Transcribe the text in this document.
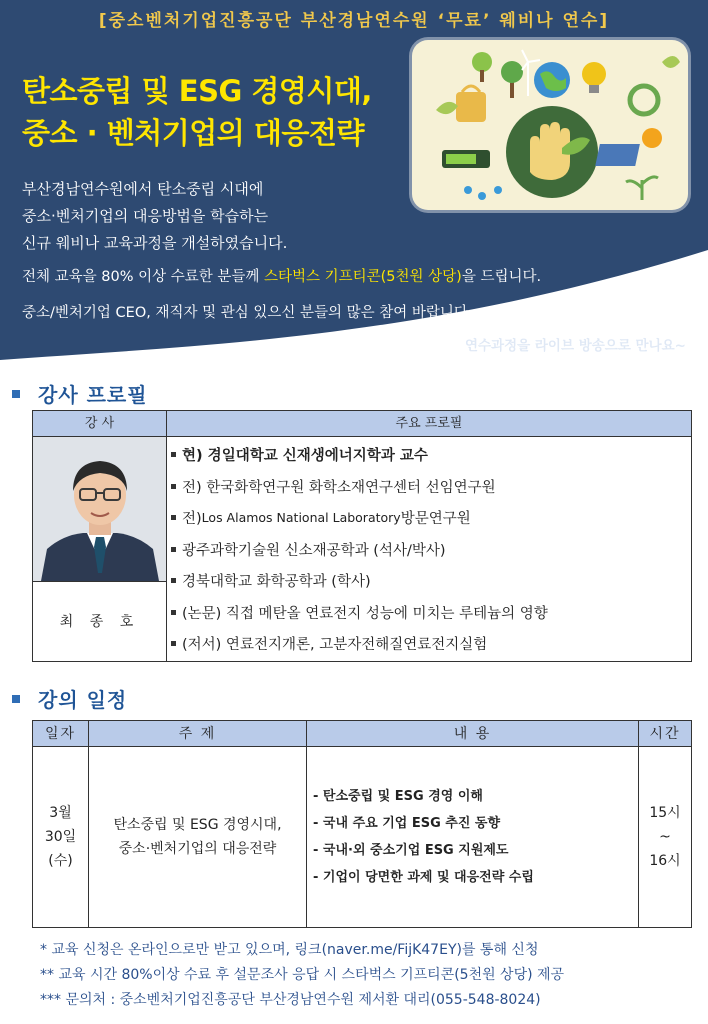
[중소벤처기업진흥공단 부산경남연수원 ‘무료’ 웨비나 연수]
탄소중립 및 ESG 경영시대,
중소 · 벤처기업의 대응전략
부산경남연수원에서 탄소중립 시대에
중소·벤처기업의 대응방법을 학습하는
신규 웨비나 교육과정을 개설하였습니다.
전체 교육을 80% 이상 수료한 분들께 스타벅스 기프티콘(5천원 상당)을 드립니다.
중소/벤처기업 CEO, 재직자 및 관심 있으신 분들의 많은 참여 바랍니다.
연수과정을 라이브 방송으로 만나요~
강사 프로필
강 사	주요 프로필
최 종 호
현) 경일대학교 신재생에너지학과 교수
전) 한국화학연구원 화학소재연구센터 선임연구원
전) Los Alamos National Laboratory 방문연구원
광주과학기술원 신소재공학과 (석사/박사)
경북대학교 화학공학과 (학사)
(논문) 직접 메탄올 연료전지 성능에 미치는 루테늄의 영향
(저서) 연료전지개론, 고분자전해질연료전지실험
강의 일정
일자
3월
30일
(수)
주 제
탄소중립 및 ESG 경영시대,
중소·벤처기업의 대응전략
내 용
- 탄소중립 및 ESG 경영 이해
- 국내 주요 기업 ESG 추진 동향
- 국내·외 중소기업 ESG 지원제도
- 기업이 당면한 과제 및 대응전략 수립
시간
15시
~
16시
* 교육 신청은 온라인으로만 받고 있으며, 링크(naver.me/FijK47EY)를 통해 신청
** 교육 시간 80%이상 수료 후 설문조사 응답 시 스타벅스 기프티콘(5천원 상당) 제공
*** 문의처 : 중소벤처기업진흥공단 부산경남연수원 제서환 대리(055-548-8024)
